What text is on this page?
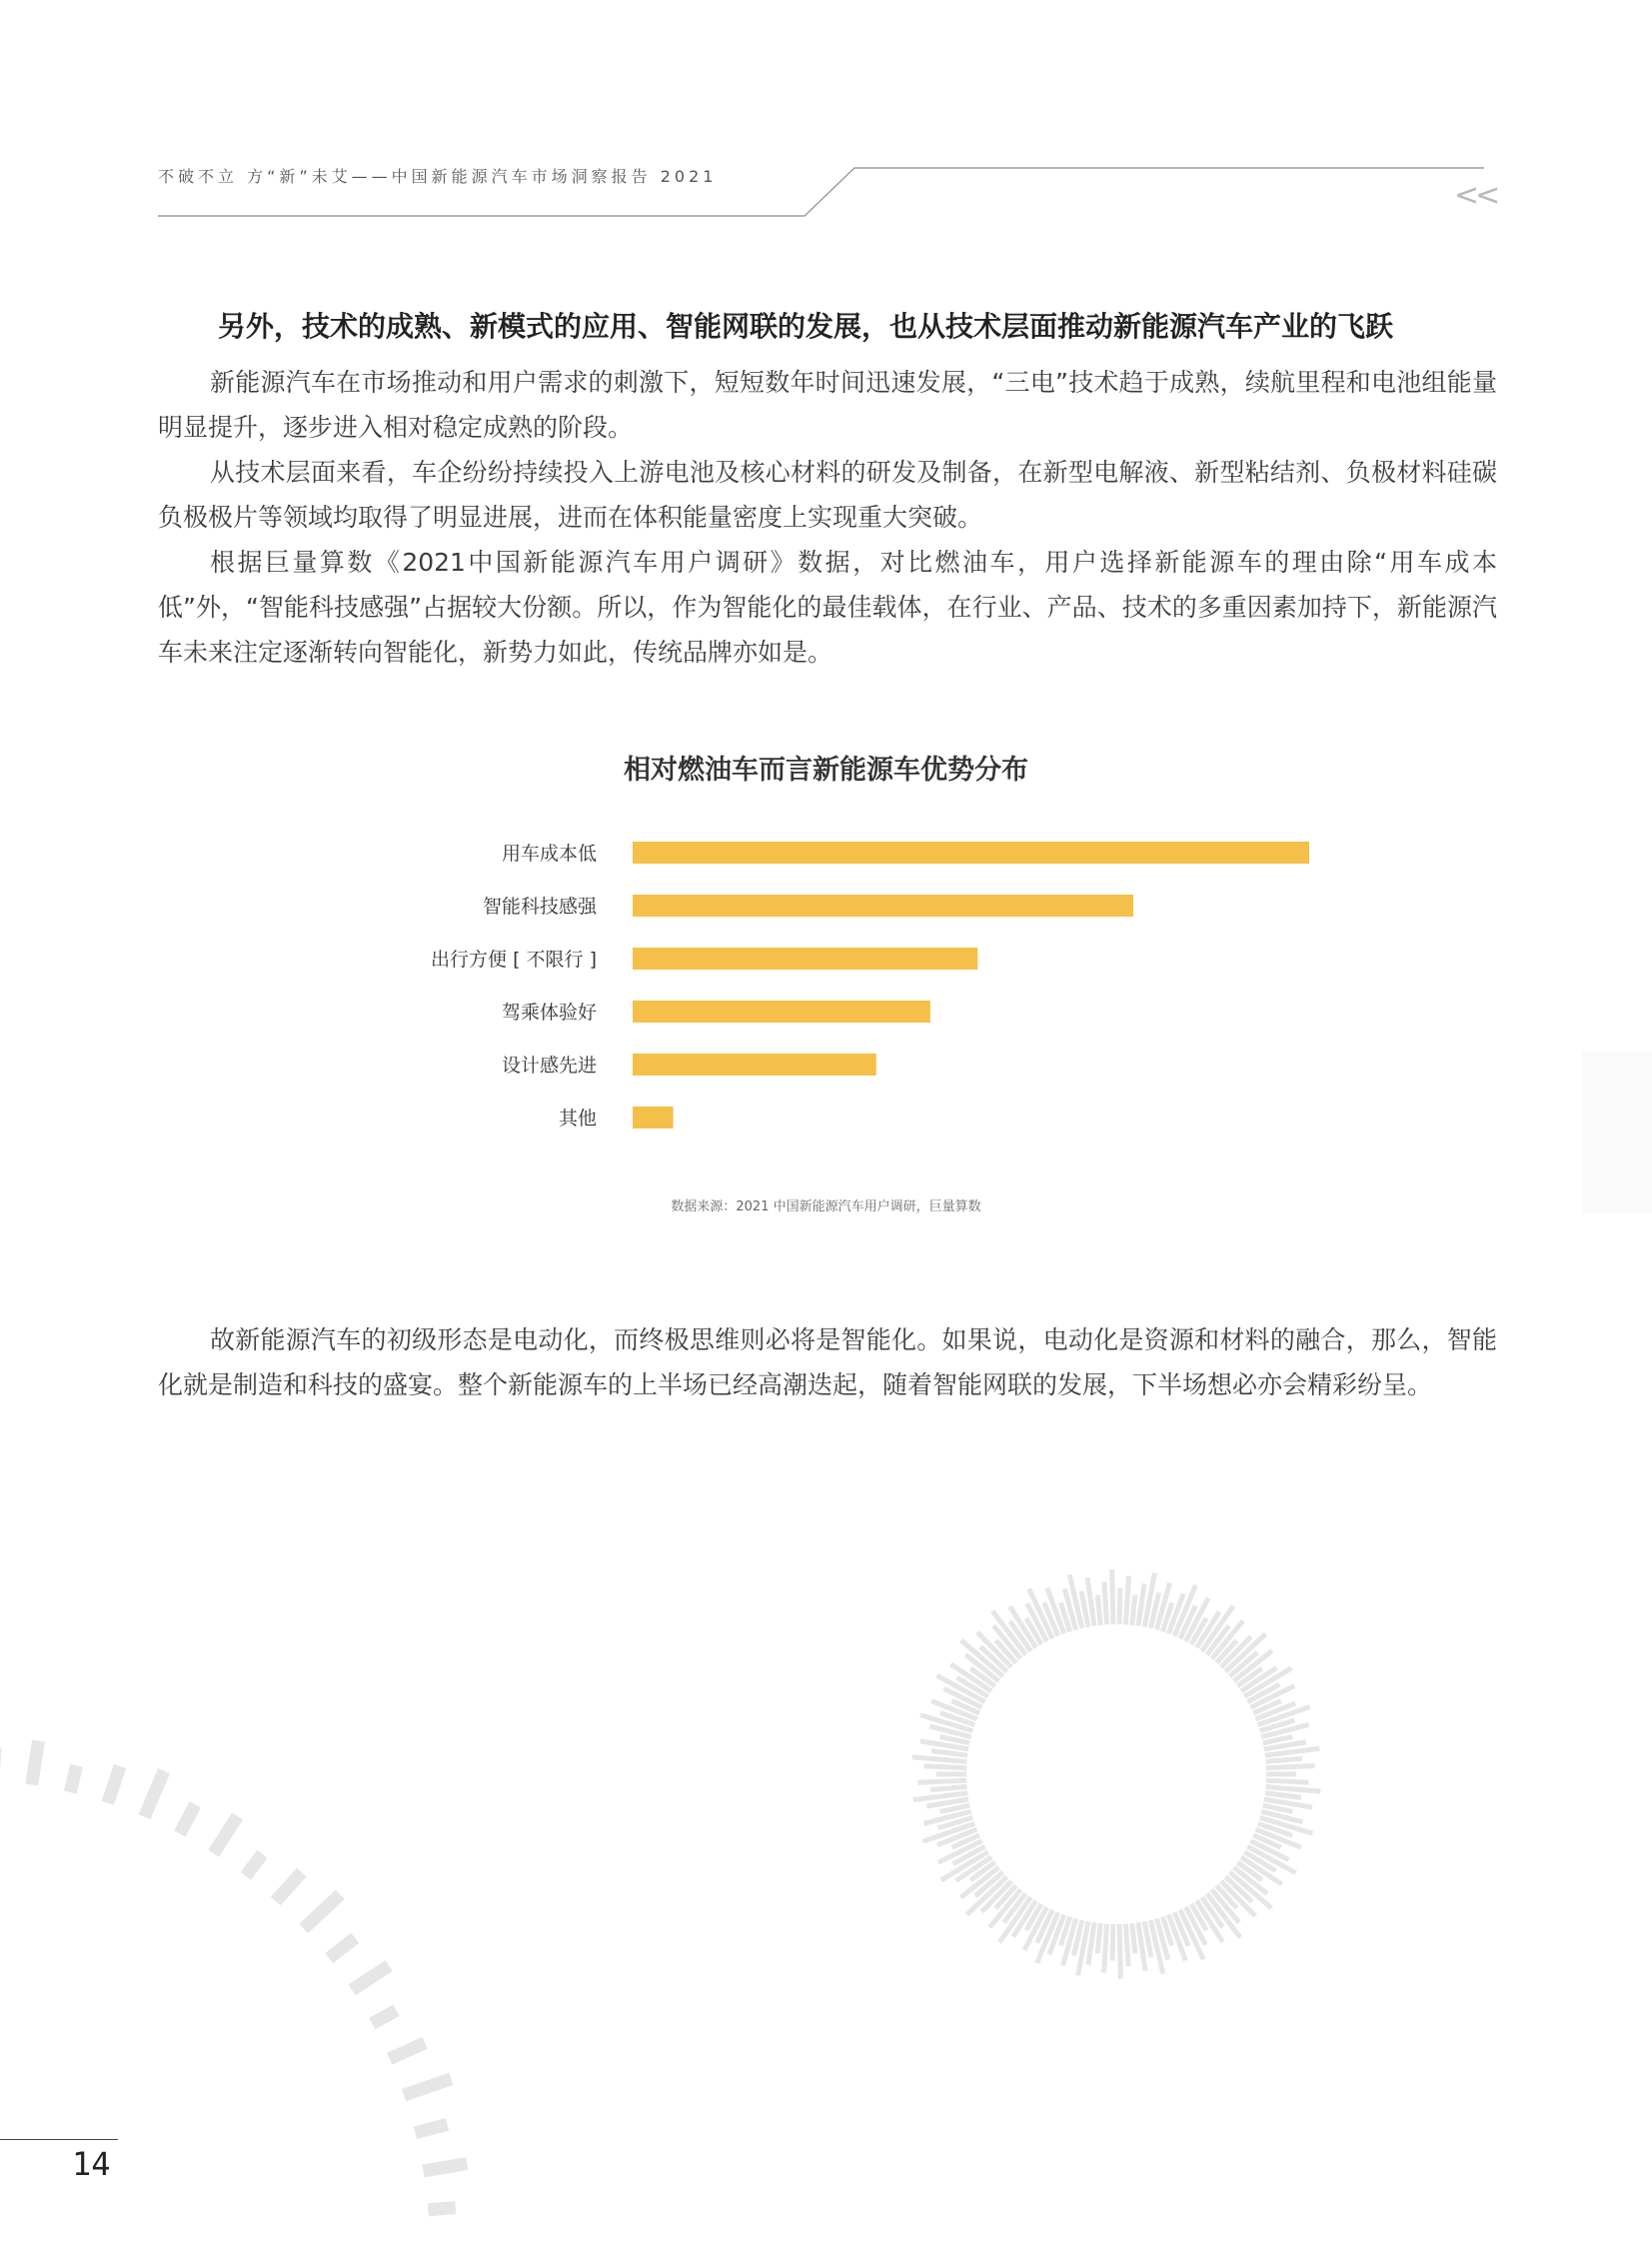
不破不立 方“新”未艾——中国新能源汽车市场洞察报告 2021
<<
另外，技术的成熟、新模式的应用、智能网联的发展，也从技术层面推动新能源汽车产业的飞跃
新能源汽车在市场推动和用户需求的刺激下，短短数年时间迅速发展，“三电”技术趋于成熟，续航里程和电池组能量明显提升，逐步进入相对稳定成熟的阶段。
从技术层面来看，车企纷纷持续投入上游电池及核心材料的研发及制备，在新型电解液、新型粘结剂、负极材料硅碳负极极片等领域均取得了明显进展，进而在体积能量密度上实现重大突破。
根据巨量算数《2021中国新能源汽车用户调研》数据，对比燃油车，用户选择新能源车的理由除“用车成本低”外，“智能科技感强”占据较大份额。所以，作为智能化的最佳载体，在行业、产品、技术的多重因素加持下，新能源汽车未来注定逐渐转向智能化，新势力如此，传统品牌亦如是。
相对燃油车而言新能源车优势分布
用车成本低
智能科技感强
出行方便 [ 不限行 ]
驾乘体验好
设计感先进
其他
数据来源：2021 中国新能源汽车用户调研，巨量算数
故新能源汽车的初级形态是电动化，而终极思维则必将是智能化。如果说，电动化是资源和材料的融合，那么，智能化就是制造和科技的盛宴。整个新能源车的上半场已经高潮迭起，随着智能网联的发展，下半场想必亦会精彩纷呈。
14
